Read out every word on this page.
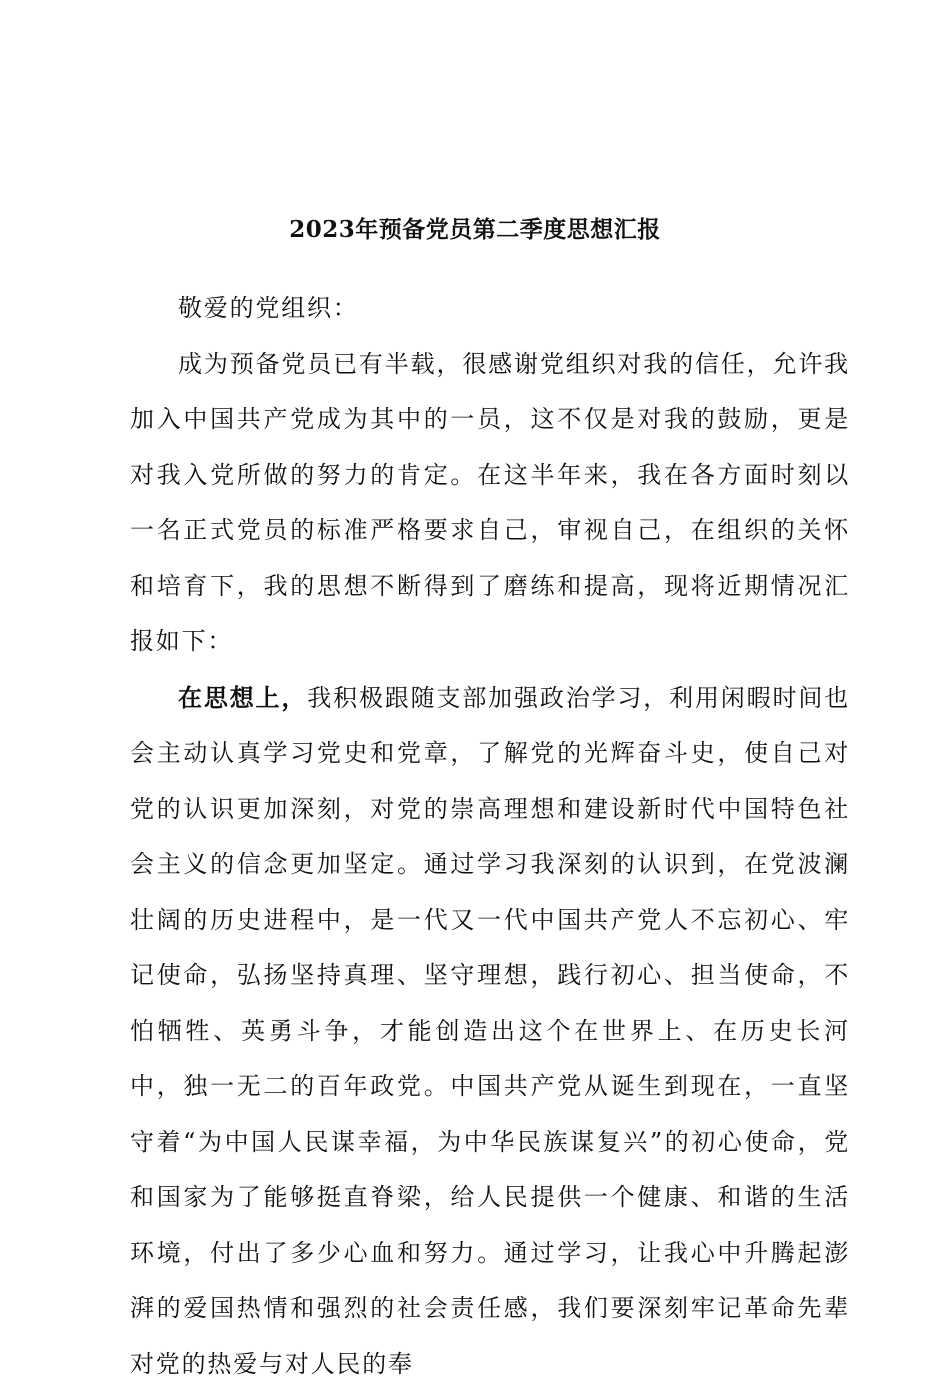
2023年预备党员第二季度思想汇报

敬爱的党组织：

成为预备党员已有半载，很感谢党组织对我的信任，允许我加入中国共产党成为其中的一员，这不仅是对我的鼓励，更是对我入党所做的努力的肯定。在这半年来，我在各方面时刻以一名正式党员的标准严格要求自己，审视自己，在组织的关怀和培育下，我的思想不断得到了磨练和提高，现将近期情况汇报如下：

在思想上，我积极跟随支部加强政治学习，利用闲暇时间也会主动认真学习党史和党章，了解党的光辉奋斗史，使自己对党的认识更加深刻，对党的崇高理想和建设新时代中国特色社会主义的信念更加坚定。通过学习我深刻的认识到，在党波澜壮阔的历史进程中，是一代又一代中国共产党人不忘初心、牢记使命，弘扬坚持真理、坚守理想，践行初心、担当使命，不怕牺牲、英勇斗争，才能创造出这个在世界上、在历史长河中，独一无二的百年政党。中国共产党从诞生到现在，一直坚守着“为中国人民谋幸福，为中华民族谋复兴”的初心使命，党和国家为了能够挺直脊梁，给人民提供一个健康、和谐的生活环境，付出了多少心血和努力。通过学习，让我心中升腾起澎湃的爱国热情和强烈的社会责任感，我们要深刻牢记革命先辈对党的热爱与对人民的奉
